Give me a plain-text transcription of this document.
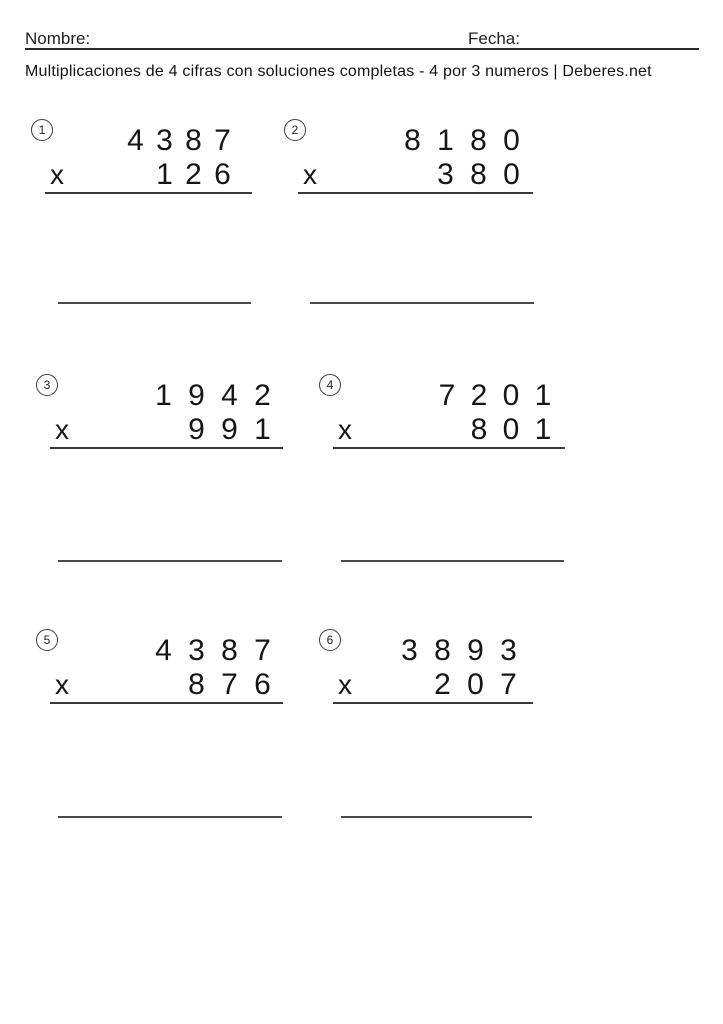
Nombre:	Fecha:
Multiplicaciones de 4 cifras con soluciones completas - 4 por 3 numeros | Deberes.net
1	4 3 8 7
1 2 6
x
2	8 1 8 0
3 8 0
x
3	1 9 4 2
9 9 1
x
4	7 2 0 1
8 0 1
x
5	4 3 8 7
8 7 6
x
6 3 8 9 3
2 0 7
x
